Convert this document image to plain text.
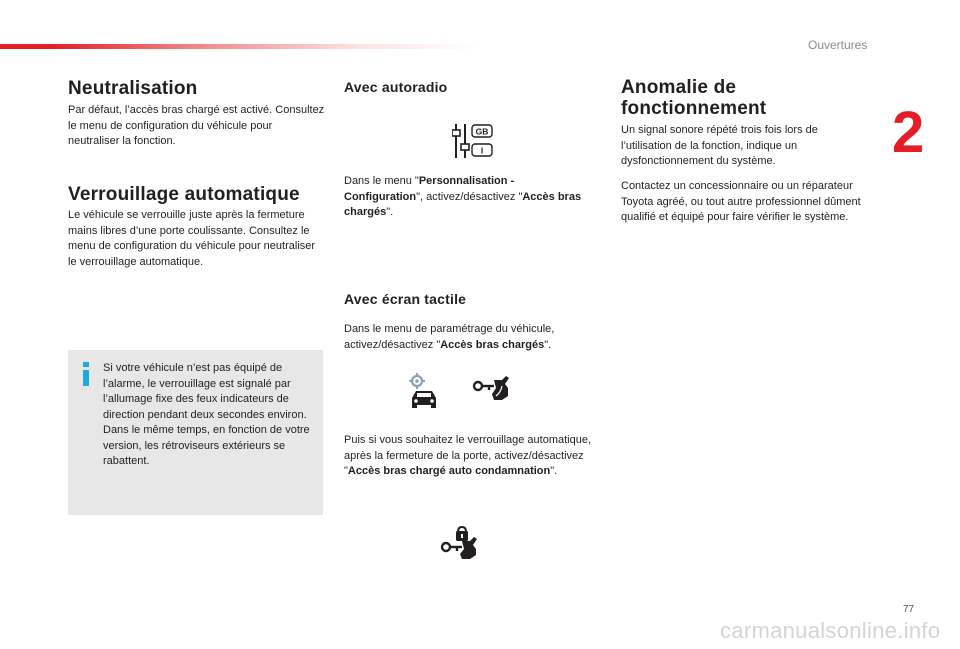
Ouvertures
2
Neutralisation

Par défaut, l’accès bras chargé est activé. Consultez le menu de configuration du véhicule pour neutraliser la fonction.

Verrouillage automatique

Le véhicule se verrouille juste après la fermeture mains libres d’une porte coulissante. Consultez le menu de configuration du véhicule pour neutraliser le verrouillage automatique.

Si votre véhicule n’est pas équipé de l’alarme, le verrouillage est signalé par l’allumage fixe des feux indicateurs de direction pendant deux secondes environ.
Dans le même temps, en fonction de votre version, les rétroviseurs extérieurs se rabattent.
Avec autoradio
GB
I

Dans le menu "Personnalisation - Configuration", activez/désactivez "Accès bras chargés".

Avec écran tactile

Dans le menu de paramétrage du véhicule, activez/désactivez "Accès bras chargés".

Puis si vous souhaitez le verrouillage automatique, après la fermeture de la porte, activez/désactivez "Accès bras chargé auto condamnation".

Anomalie de fonctionnement

Un signal sonore répété trois fois lors de l’utilisation de la fonction, indique un dysfonctionnement du système.

Contactez un concessionnaire ou un réparateur Toyota agréé, ou tout autre professionnel dûment qualifié et équipé pour faire vérifier le système.

77
carmanualsonline.info
